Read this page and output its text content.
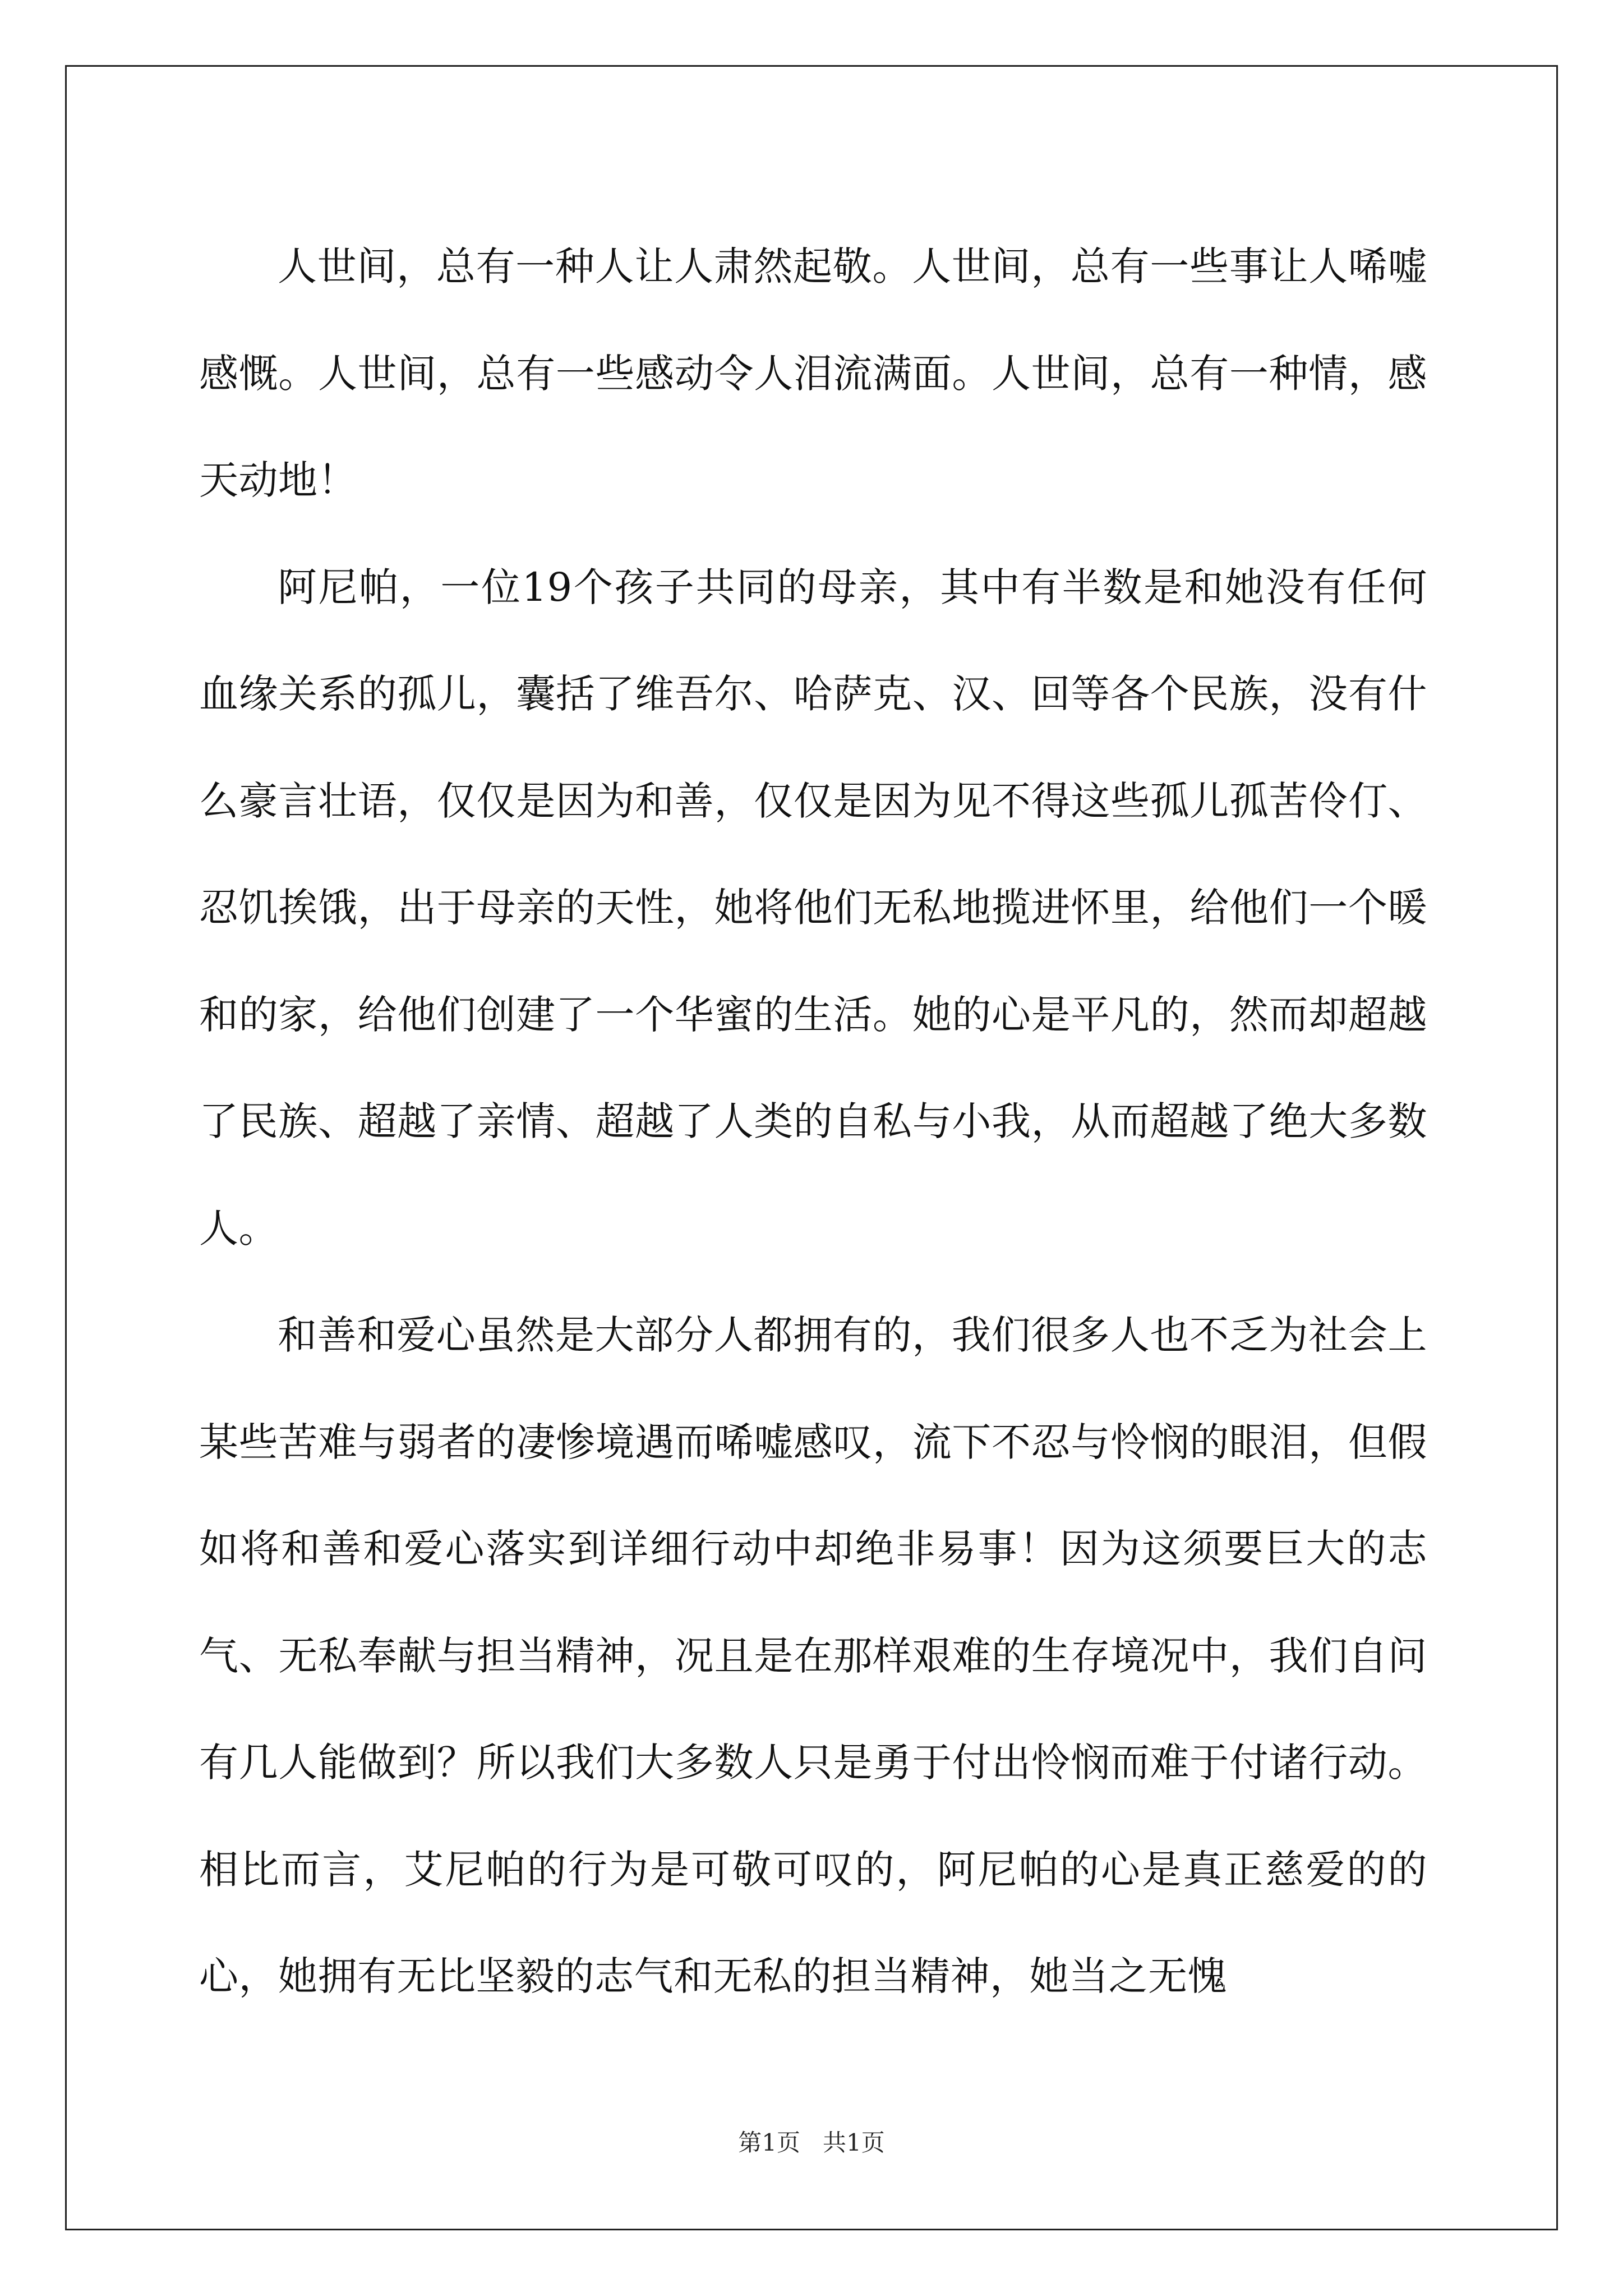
人世间，总有一种人让人肃然起敬。人世间，总有一些事让人唏嘘感慨。人世间，总有一些感动令人泪流满面。人世间，总有一种情，感天动地！

阿尼帕，一位19个孩子共同的母亲，其中有半数是和她没有任何血缘关系的孤儿，囊括了维吾尔、哈萨克、汉、回等各个民族，没有什么豪言壮语，仅仅是因为和善，仅仅是因为见不得这些孤儿孤苦伶仃、忍饥挨饿，出于母亲的天性，她将他们无私地揽进怀里，给他们一个暖和的家，给他们创建了一个华蜜的生活。她的心是平凡的，然而却超越了民族、超越了亲情、超越了人类的自私与小我，从而超越了绝大多数人。

和善和爱心虽然是大部分人都拥有的，我们很多人也不乏为社会上某些苦难与弱者的凄惨境遇而唏嘘感叹，流下不忍与怜悯的眼泪，但假如将和善和爱心落实到详细行动中却绝非易事！因为这须要巨大的志气、无私奉献与担当精神，况且是在那样艰难的生存境况中，我们自问有几人能做到？所以我们大多数人只是勇于付出怜悯而难于付诸行动。相比而言，艾尼帕的行为是可敬可叹的，阿尼帕的心是真正慈爱的的心，她拥有无比坚毅的志气和无私的担当精神，她当之无愧

第1页   共1页
